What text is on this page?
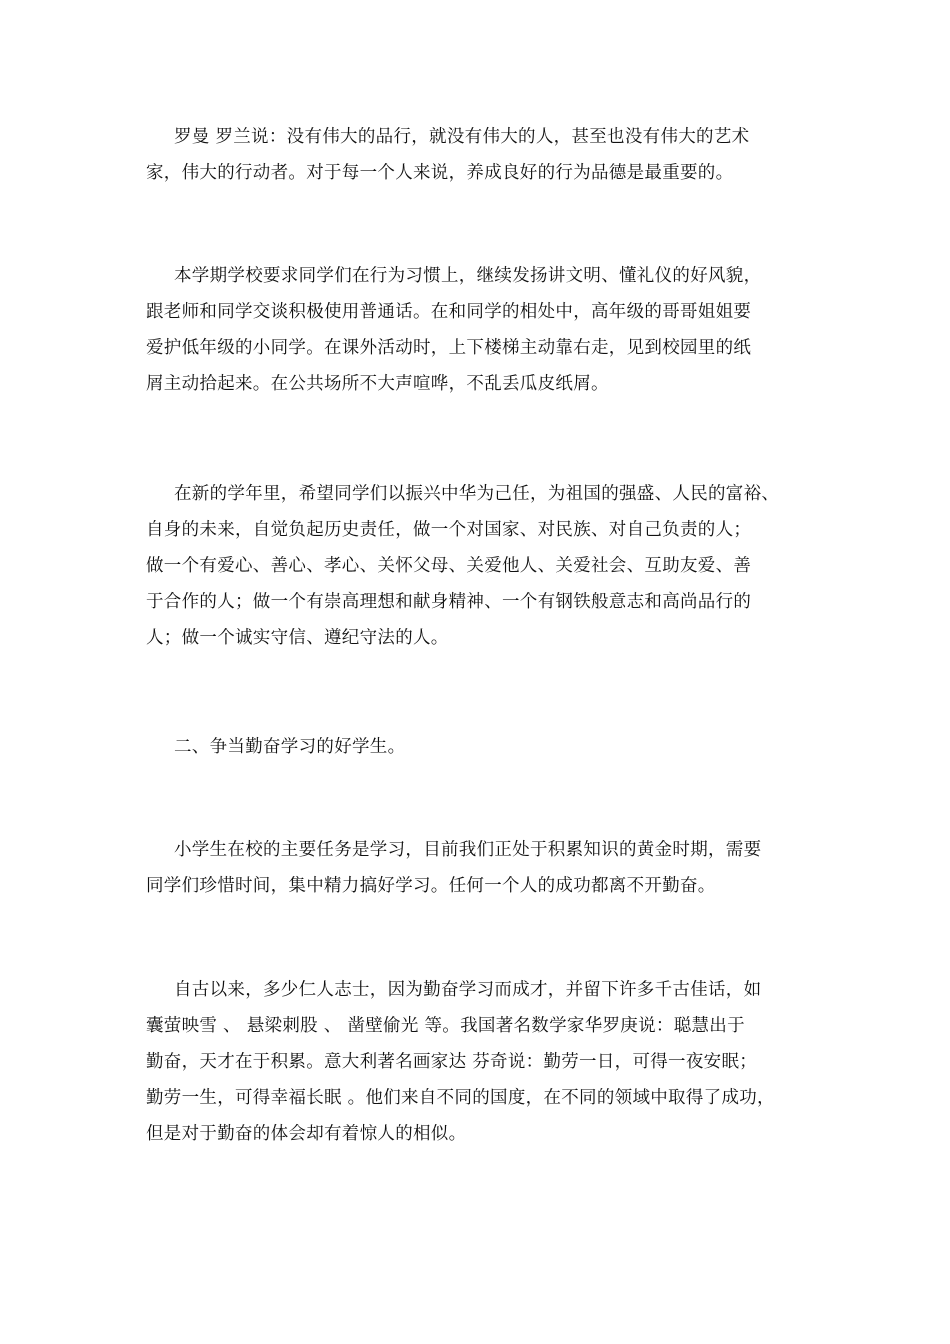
罗曼 罗兰说：没有伟大的品行，就没有伟大的人，甚至也没有伟大的艺术
家，伟大的行动者。对于每一个人来说，养成良好的行为品德是最重要的。
本学期学校要求同学们在行为习惯上，继续发扬讲文明、懂礼仪的好风貌，
跟老师和同学交谈积极使用普通话。在和同学的相处中，高年级的哥哥姐姐要
爱护低年级的小同学。在课外活动时，上下楼梯主动靠右走，见到校园里的纸
屑主动拾起来。在公共场所不大声喧哗，不乱丢瓜皮纸屑。
在新的学年里，希望同学们以振兴中华为己任，为祖国的强盛、人民的富裕、
自身的未来，自觉负起历史责任，做一个对国家、对民族、对自己负责的人；
做一个有爱心、善心、孝心、关怀父母、关爱他人、关爱社会、互助友爱、善
于合作的人；做一个有崇高理想和献身精神、一个有钢铁般意志和高尚品行的
人；做一个诚实守信、遵纪守法的人。
二、争当勤奋学习的好学生。
小学生在校的主要任务是学习，目前我们正处于积累知识的黄金时期，需要
同学们珍惜时间，集中精力搞好学习。任何一个人的成功都离不开勤奋。
自古以来，多少仁人志士，因为勤奋学习而成才，并留下许多千古佳话，如
囊萤映雪 、 悬梁刺股 、 凿壁偷光 等。我国著名数学家华罗庚说：聪慧出于
勤奋，天才在于积累。意大利著名画家达 芬奇说：勤劳一日，可得一夜安眠；
勤劳一生，可得幸福长眠 。他们来自不同的国度，在不同的领域中取得了成功，
但是对于勤奋的体会却有着惊人的相似。
